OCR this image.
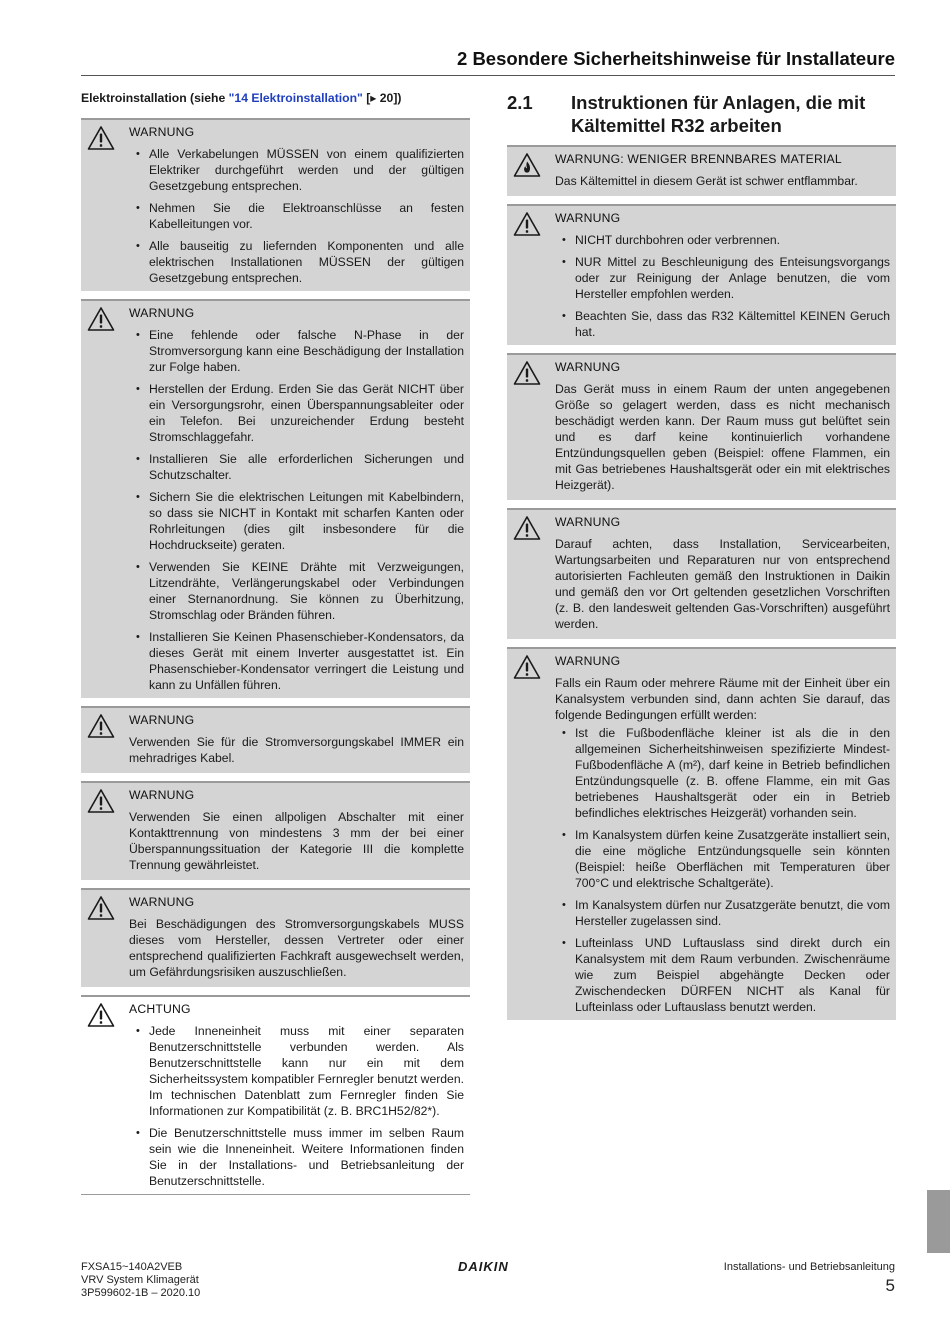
2 Besondere Sicherheitshinweise für Installateure
Elektroinstallation (siehe "14 Elektroinstallation" [▸ 20])
WARNUNG
• Alle Verkabelungen MÜSSEN von einem qualifizierten Elektriker durchgeführt werden und der gültigen Gesetzgebung entsprechen.
• Nehmen Sie die Elektroanschlüsse an festen Kabelleitungen vor.
• Alle bauseitig zu liefernden Komponenten und alle elektrischen Installationen MÜSSEN der gültigen Gesetzgebung entsprechen.
WARNUNG
• Eine fehlende oder falsche N-Phase in der Stromversorgung kann eine Beschädigung der Installation zur Folge haben.
• Herstellen der Erdung. Erden Sie das Gerät NICHT über ein Versorgungsrohr, einen Überspannungsableiter oder ein Telefon. Bei unzureichender Erdung besteht Stromschlaggefahr.
• Installieren Sie alle erforderlichen Sicherungen und Schutzschalter.
• Sichern Sie die elektrischen Leitungen mit Kabelbindern, so dass sie NICHT in Kontakt mit scharfen Kanten oder Rohrleitungen (dies gilt insbesondere für die Hochdruckseite) geraten.
• Verwenden Sie KEINE Drähte mit Verzweigungen, Litzendrähte, Verlängerungskabel oder Verbindungen einer Sternanordnung. Sie können zu Überhitzung, Stromschlag oder Bränden führen.
• Installieren Sie Keinen Phasenschieber-Kondensators, da dieses Gerät mit einem Inverter ausgestattet ist. Ein Phasenschieber-Kondensator verringert die Leistung und kann zu Unfällen führen.
WARNUNG
Verwenden Sie für die Stromversorgungskabel IMMER ein mehradriges Kabel.
WARNUNG
Verwenden Sie einen allpoligen Abschalter mit einer Kontakttrennung von mindestens 3 mm der bei einer Überspannungssituation der Kategorie III die komplette Trennung gewährleistet.
WARNUNG
Bei Beschädigungen des Stromversorgungskabels MUSS dieses vom Hersteller, dessen Vertreter oder einer entsprechend qualifizierten Fachkraft ausgewechselt werden, um Gefährdungsrisiken auszuschließen.
ACHTUNG
• Jede Inneneinheit muss mit einer separaten Benutzerschnittstelle verbunden werden. Als Benutzerschnittstelle kann nur ein mit dem Sicherheitssystem kompatibler Fernregler benutzt werden. Im technischen Datenblatt zum Fernregler finden Sie Informationen zur Kompatibilität (z. B. BRC1H52/82*).
• Die Benutzerschnittstelle muss immer im selben Raum sein wie die Inneneinheit. Weitere Informationen finden Sie in der Installations- und Betriebsanleitung der Benutzerschnittstelle.
2.1	Instruktionen für Anlagen, die mit Kältemittel R32 arbeiten
WARNUNG: WENIGER BRENNBARES MATERIAL
Das Kältemittel in diesem Gerät ist schwer entflammbar.
WARNUNG
• NICHT durchbohren oder verbrennen.
• NUR Mittel zu Beschleunigung des Enteisungsvorgangs oder zur Reinigung der Anlage benutzen, die vom Hersteller empfohlen werden.
• Beachten Sie, dass das R32 Kältemittel KEINEN Geruch hat.
WARNUNG
Das Gerät muss in einem Raum der unten angegebenen Größe so gelagert werden, dass es nicht mechanisch beschädigt werden kann. Der Raum muss gut belüftet sein und es darf keine kontinuierlich vorhandene Entzündungsquellen geben (Beispiel: offene Flammen, ein mit Gas betriebenes Haushaltsgerät oder ein mit elektrisches Heizgerät).
WARNUNG
Darauf achten, dass Installation, Servicearbeiten, Wartungsarbeiten und Reparaturen nur von entsprechend autorisierten Fachleuten gemäß den Instruktionen in Daikin und gemäß den vor Ort geltenden gesetzlichen Vorschriften (z. B. den landesweit geltenden Gas-Vorschriften) ausgeführt werden.
WARNUNG
Falls ein Raum oder mehrere Räume mit der Einheit über ein Kanalsystem verbunden sind, dann achten Sie darauf, das folgende Bedingungen erfüllt werden:
• Ist die Fußbodenfläche kleiner ist als die in den allgemeinen Sicherheitshinweisen spezifizierte Mindest-Fußbodenfläche A (m²), darf keine in Betrieb befindlichen Entzündungsquelle (z. B. offene Flamme, ein mit Gas betriebenes Haushaltsgerät oder ein in Betrieb befindliches elektrisches Heizgerät) vorhanden sein.
• Im Kanalsystem dürfen keine Zusatzgeräte installiert sein, die eine mögliche Entzündungsquelle sein könnten (Beispiel: heiße Oberflächen mit Temperaturen über 700°C und elektrische Schaltgeräte).
• Im Kanalsystem dürfen nur Zusatzgeräte benutzt, die vom Hersteller zugelassen sind.
• Lufteinlass UND Luftauslass sind direkt durch ein Kanalsystem mit dem Raum verbunden. Zwischenräume wie zum Beispiel abgehängte Decken oder Zwischendecken DÜRFEN NICHT als Kanal für Lufteinlass oder Luftauslass benutzt werden.
FXSA15~140A2VEB
VRV System Klimagerät
3P599602-1B – 2020.10
DAIKIN	Installations- und Betriebsanleitung
5
